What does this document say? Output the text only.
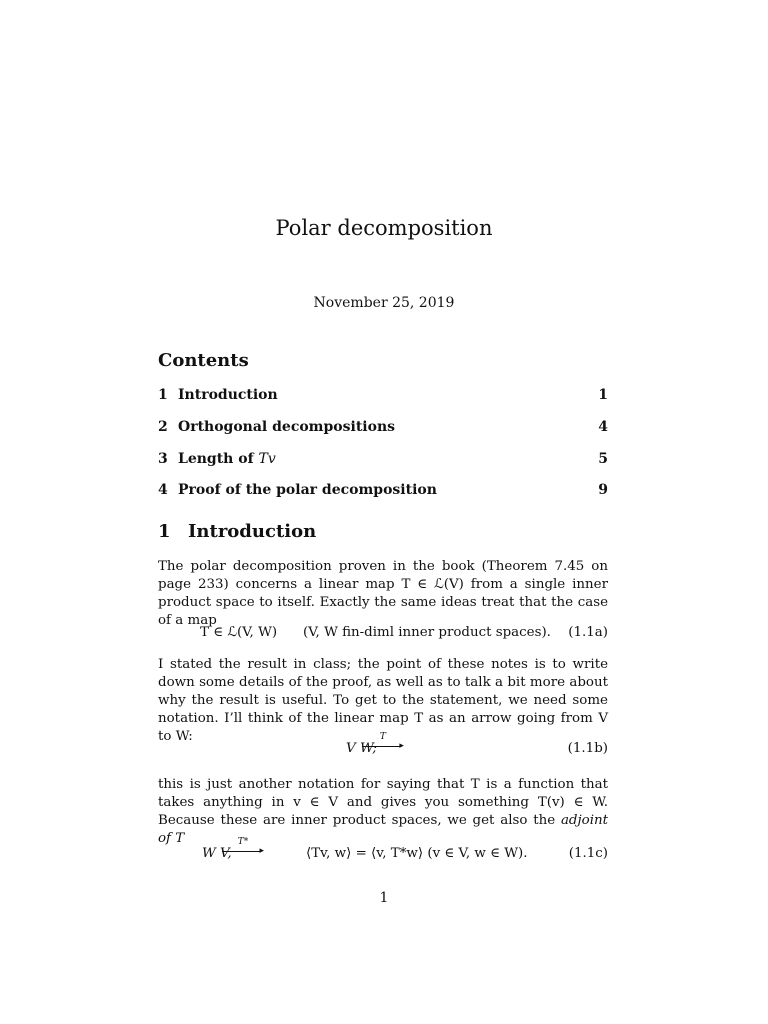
Polar decomposition
November 25, 2019
Contents
1 Introduction	1
2 Orthogonal decompositions	4
3 Length of Tv	5
4 Proof of the polar decomposition	9
1 Introduction
The polar decomposition proven in the book (Theorem 7.45 on page 233) concerns a linear map T ∈ ℒ(V) from a single inner product space to itself. Exactly the same ideas treat that the case of a map
T ∈ ℒ(V, W) (V, W fin-diml inner product spaces). (1.1a)
I stated the result in class; the point of these notes is to write down some details of the proof, as well as to talk a bit more about why the result is useful. To get to the statement, we need some notation. I’ll think of the linear map T as an arrow going from V to W:
V
T
▸
W;	(1.1b)
this is just another notation for saying that T is a function that takes anything in v ∈ V and gives you something T(v) ∈ W. Because these are inner product spaces, we get also the adjoint of T
W
T*
▸
V,	⟨Tv, w⟩ = ⟨v, T*w⟩ (v ∈ V, w ∈ W).	(1.1c)
1
